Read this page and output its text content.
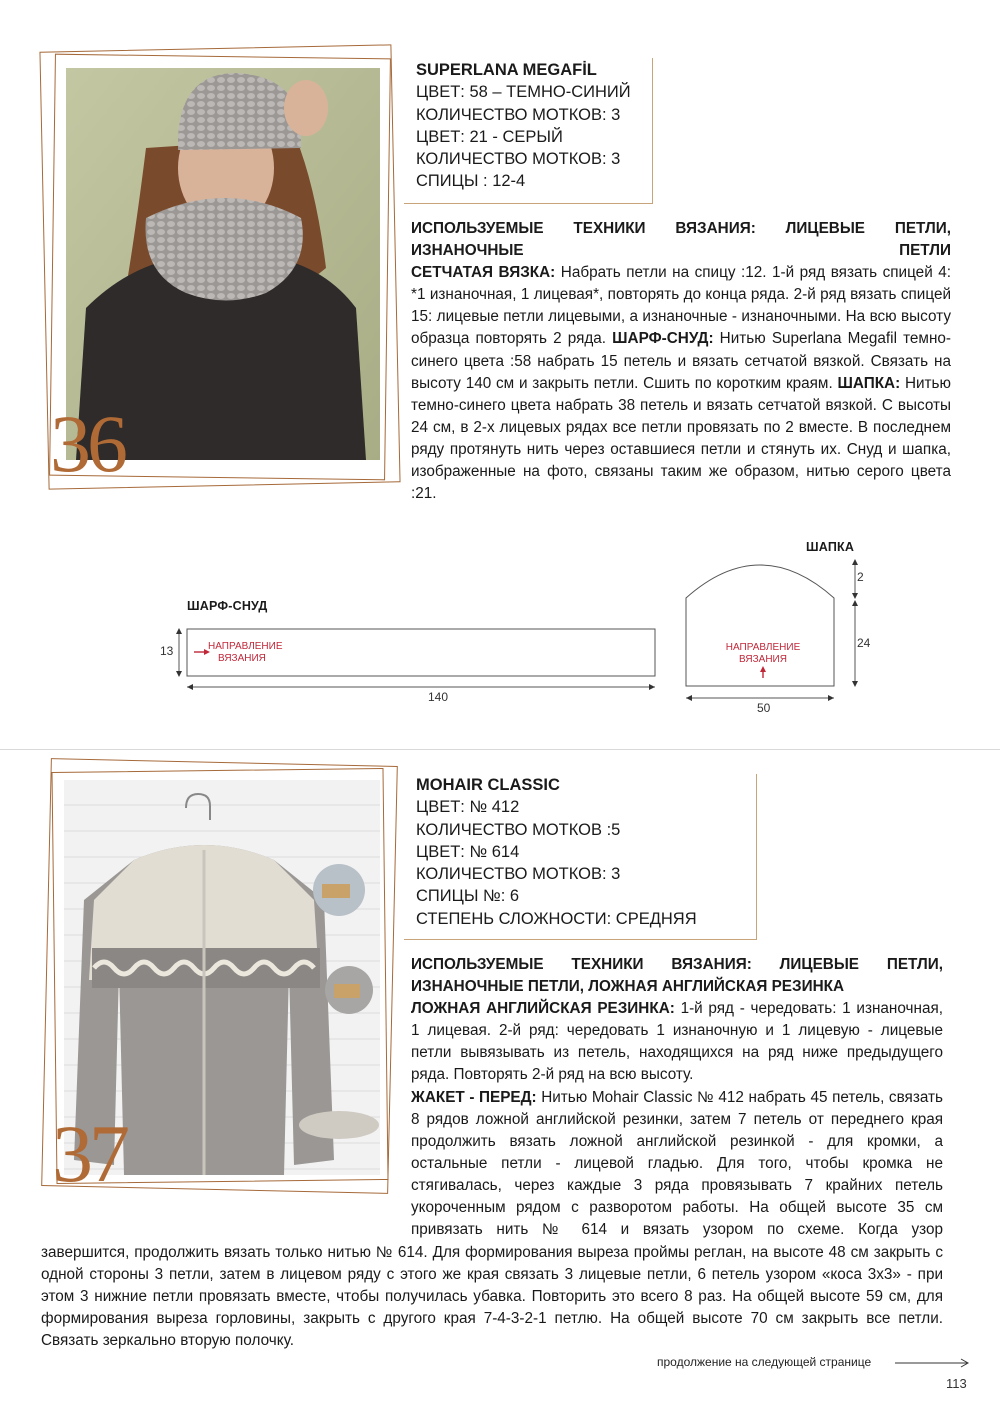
36
SUPERLANA MEGAFİL
ЦВЕТ: 58 – ТЕМНО-СИНИЙ
КОЛИЧЕСТВО МОТКОВ: 3
ЦВЕТ: 21 - СЕРЫЙ
КОЛИЧЕСТВО МОТКОВ: 3
СПИЦЫ : 12-4
ИСПОЛЬЗУЕМЫЕ ТЕХНИКИ ВЯЗАНИЯ: ЛИЦЕВЫЕ ПЕТЛИ, ИЗНАНОЧНЫЕ ПЕТЛИ
СЕТЧАТАЯ ВЯЗКА: Набрать петли на спицу :12. 1-й ряд вязать спицей 4: *1 изнаночная, 1 лицевая*, повторять до конца ряда. 2-й ряд вязать спицей 15: лицевые петли лицевыми, а изнаночные - изнаночными. На всю высоту образца повторять 2 ряда. ШАРФ-СНУД: Нитью Superlana Megafil темно-синего цвета :58 набрать 15 петель и вязать сетчатой вязкой. Связать на высоту 140 см и закрыть петли. Сшить по коротким краям. ШАПКА: Нитью темно-синего цвета набрать 38 петель и вязать сетчатой вязкой. С высоты 24 см, в 2-х лицевых рядах все петли провязать по 2 вместе. В последнем ряду протянуть нить через оставшиеся петли и стянуть их. Снуд и шапка, изображенные на фото, связаны таким же образом, нитью серого цвета :21.
ШАРФ-СНУД
13
140
НАПРАВЛЕНИЕ
ВЯЗАНИЯ
ШАПКА
2
24
50
НАПРАВЛЕНИЕ
ВЯЗАНИЯ
37
MOHAIR CLASSIC
ЦВЕТ: № 412
КОЛИЧЕСТВО МОТКОВ :5
ЦВЕТ: № 614
КОЛИЧЕСТВО МОТКОВ: 3
СПИЦЫ №: 6
СТЕПЕНЬ СЛОЖНОСТИ: СРЕДНЯЯ
ИСПОЛЬЗУЕМЫЕ ТЕХНИКИ ВЯЗАНИЯ: ЛИЦЕВЫЕ ПЕТЛИ,
ИЗНАНОЧНЫЕ ПЕТЛИ, ЛОЖНАЯ АНГЛИЙСКАЯ РЕЗИНКА
ЛОЖНАЯ АНГЛИЙСКАЯ РЕЗИНКА: 1-й ряд - чередовать: 1 изнаночная, 1 лицевая. 2-й ряд: чередовать 1 изнаночную и 1 лицевую - лицевые петли вывязывать из петель, находящихся на ряд ниже предыдущего ряда. Повторять 2-й ряд на всю высоту.
ЖАКЕТ - ПЕРЕД: Нитью Mohair Classic № 412 набрать 45 петель, связать 8 рядов ложной английской резинки, затем 7 петель от переднего края продолжить вязать ложной английской резинкой - для кромки, а остальные петли - лицевой гладью. Для того, чтобы кромка не стягивалась, через каждые 3 ряда провязывать 7 крайних петель укороченным рядом с разворотом работы. На общей высоте 35 см привязать нить № 614 и вязать узором по схеме. Когда узор
завершится, продолжить вязать только нитью № 614. Для формирования выреза проймы реглан, на высоте 48 см закрыть с одной стороны 3 петли, затем в лицевом ряду с этого же края связать 3 лицевые петли, 6 петель узором «коса 3х3» - при этом 3 нижние петли провязать вместе, чтобы получилась убавка. Повторить это всего 8 раз. На общей высоте 59 см, для формирования выреза горловины, закрыть с другого края 7-4-3-2-1 петлю. На общей высоте 70 см закрыть все петли. Связать зеркально вторую полочку.
продолжение на следующей странице
113
